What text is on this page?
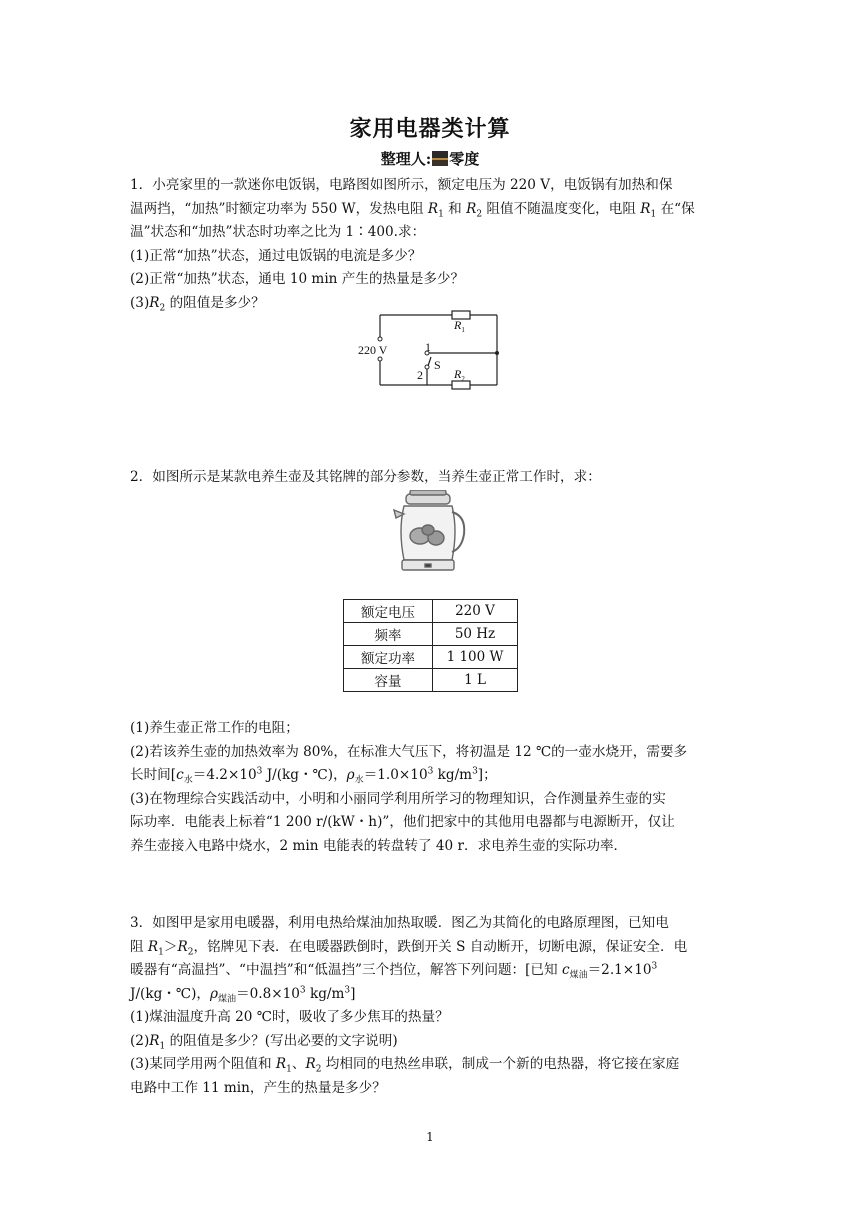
家用电器类计算
整理人: 零度
1．小亮家里的一款迷你电饭锅，电路图如图所示，额定电压为 220 V，电饭锅有加热和保
温两挡，“加热”时额定功率为 550 W，发热电阻 $R_1$ 和 $R_2$ 阻值不随温度变化，电阻 $R_1$ 在“保
温”状态和“加热”状态时功率之比为 1∶400.求：
(1)正常“加热”状态，通过电饭锅的电流是多少？
(2)正常“加热”状态，通电 10 min 产生的热量是多少？
$(3)R_2$ 的阻值是多少？
220 V
$R_1$
$R_2$
1
2
S
2．如图所示是某款电养生壶及其铭牌的部分参数，当养生壶正常工作时，求：
额定电压	220 V
频率	50 Hz
额定功率	1 100 W
容量	1 L
(1)养生壶正常工作的电阻；
(2)若该养生壶的加热效率为 80%，在标准大气压下，将初温是 12 ℃的一壶水烧开，需要多
长时间[$c_水=4.2\times 10^3$ J/(kg・℃)，$\rho_水=1.0\times 10^3$ $kg/m^3$]；
(3)在物理综合实践活动中，小明和小丽同学利用所学习的物理知识，合作测量养生壶的实
际功率．电能表上标着“1 200 r/(kW・h)”，他们把家中的其他用电器都与电源断开，仅让
养生壶接入电路中烧水，2 min 电能表的转盘转了 40 r．求电养生壶的实际功率．
3．如图甲是家用电暖器，利用电热给煤油加热取暖．图乙为其简化的电路原理图，已知电
阻 $R_1>R_2$，铭牌见下表．在电暖器跌倒时，跌倒开关 S 自动断开，切断电源，保证安全．电
暖器有“高温挡”、“中温挡”和“低温挡”三个挡位，解答下列问题：[已知 $c_{煤油}=2.1\times 10^3$
J/(kg・℃)，$\rho_{煤油}=0.8\times 10^3$ $kg/m^3$]
(1)煤油温度升高 20 ℃时，吸收了多少焦耳的热量？
$(2)R_1$ 的阻值是多少？(写出必要的文字说明)
(3)某同学用两个阻值和 $R_1$、$R_2$ 均相同的电热丝串联，制成一个新的电热器，将它接在家庭
电路中工作 11 min，产生的热量是多少？
1
